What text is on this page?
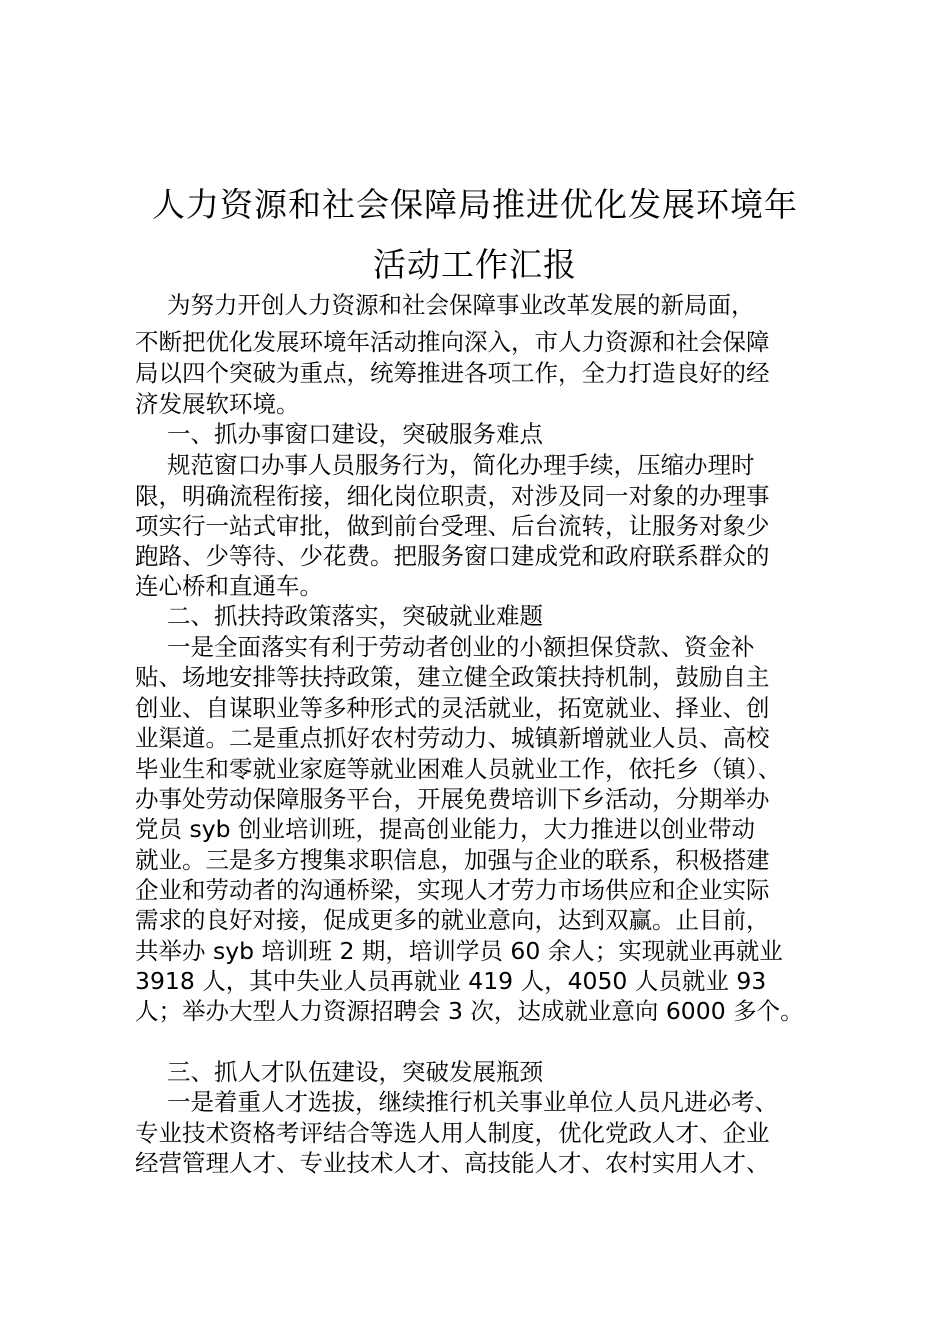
人力资源和社会保障局推进优化发展环境年
活动工作汇报
为努力开创人力资源和社会保障事业改革发展的新局面，
不断把优化发展环境年活动推向深入，市人力资源和社会保障
局以四个突破为重点，统筹推进各项工作，全力打造良好的经
济发展软环境。
一、抓办事窗口建设，突破服务难点
规范窗口办事人员服务行为，简化办理手续，压缩办理时
限，明确流程衔接，细化岗位职责，对涉及同一对象的办理事
项实行一站式审批，做到前台受理、后台流转，让服务对象少
跑路、少等待、少花费。把服务窗口建成党和政府联系群众的
连心桥和直通车。
二、抓扶持政策落实，突破就业难题
一是全面落实有利于劳动者创业的小额担保贷款、资金补
贴、场地安排等扶持政策，建立健全政策扶持机制，鼓励自主
创业、自谋职业等多种形式的灵活就业，拓宽就业、择业、创
业渠道。二是重点抓好农村劳动力、城镇新增就业人员、高校
毕业生和零就业家庭等就业困难人员就业工作，依托乡（镇）、
办事处劳动保障服务平台，开展免费培训下乡活动，分期举办
党员 syb 创业培训班，提高创业能力，大力推进以创业带动
就业。三是多方搜集求职信息，加强与企业的联系，积极搭建
企业和劳动者的沟通桥梁，实现人才劳力市场供应和企业实际
需求的良好对接，促成更多的就业意向，达到双赢。止目前，
共举办 syb 培训班 2 期，培训学员 60 余人；实现就业再就业
3918 人，其中失业人员再就业 419 人，4050 人员就业 93
人；举办大型人力资源招聘会 3 次，达成就业意向 6000 多个。
三、抓人才队伍建设，突破发展瓶颈
一是着重人才选拔，继续推行机关事业单位人员凡进必考、
专业技术资格考评结合等选人用人制度，优化党政人才、企业
经营管理人才、专业技术人才、高技能人才、农村实用人才、
